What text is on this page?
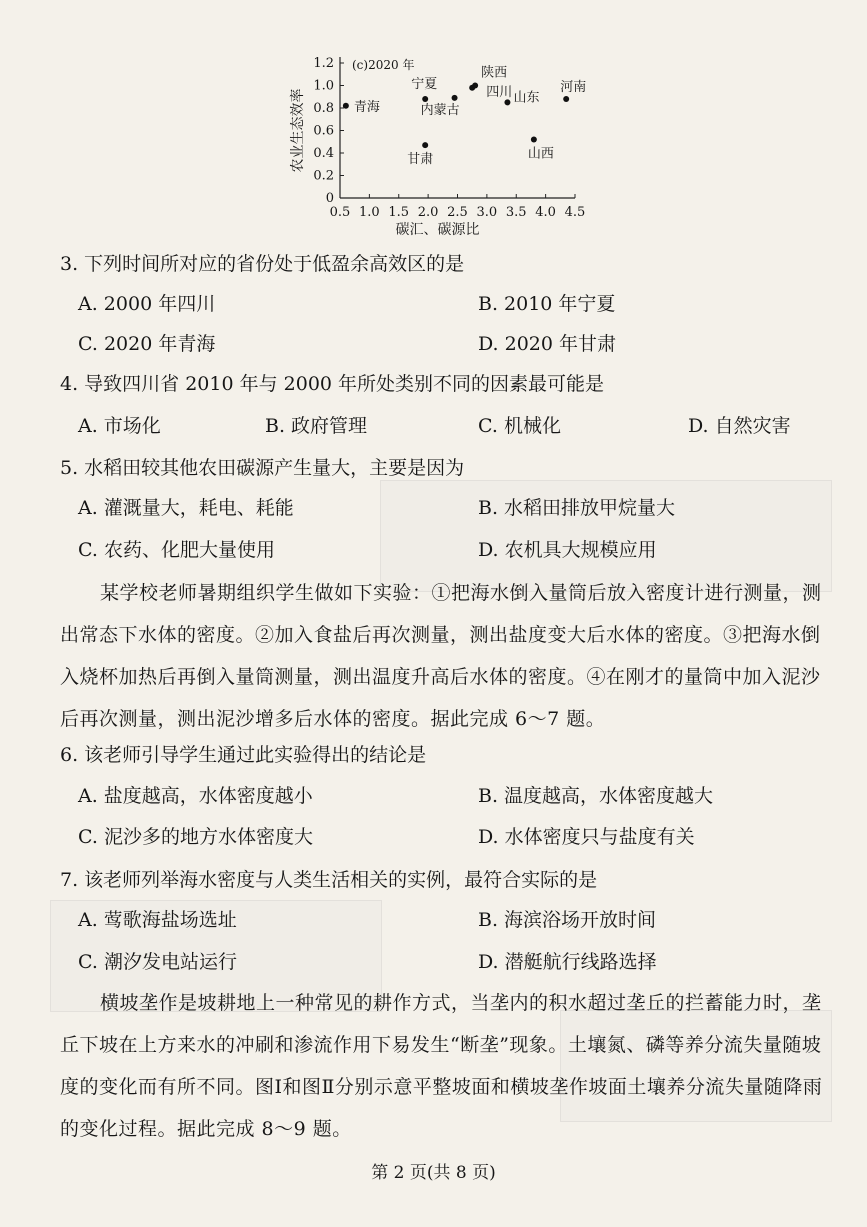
0.5 1.0 1.5 2.0 2.5 3.0 3.5 4.0 4.5
0
0.2
0.4
0.6
0.8
1.0
1.2 (c)2020 年
碳汇、碳源比
农业生态效率	青海
宁夏
内蒙古
陕西
四川 山东
河南
甘肃	山西
3. 下列时间所对应的省份处于低盈余高效区的是
A. 2000 年四川	B. 2010 年宁夏
C. 2020 年青海	D. 2020 年甘肃
4. 导致四川省 2010 年与 2000 年所处类别不同的因素最可能是
A. 市场化	B. 政府管理	C. 机械化	D. 自然灾害
5. 水稻田较其他农田碳源产生量大，主要是因为
A. 灌溉量大，耗电、耗能	B. 水稻田排放甲烷量大
C. 农药、化肥大量使用	D. 农机具大规模应用
某学校老师暑期组织学生做如下实验：①把海水倒入量筒后放入密度计进行测量，测出常态下水体的密度。②加入食盐后再次测量，测出盐度变大后水体的密度。③把海水倒入烧杯加热后再倒入量筒测量，测出温度升高后水体的密度。④在刚才的量筒中加入泥沙后再次测量，测出泥沙增多后水体的密度。据此完成 6～7 题。
6. 该老师引导学生通过此实验得出的结论是
A. 盐度越高，水体密度越小	B. 温度越高，水体密度越大
C. 泥沙多的地方水体密度大	D. 水体密度只与盐度有关
7. 该老师列举海水密度与人类生活相关的实例，最符合实际的是
A. 莺歌海盐场选址	B. 海滨浴场开放时间
C. 潮汐发电站运行	D. 潜艇航行线路选择
横坡垄作是坡耕地上一种常见的耕作方式，当垄内的积水超过垄丘的拦蓄能力时，垄丘下坡在上方来水的冲刷和渗流作用下易发生“断垄”现象。土壤氮、磷等养分流失量随坡度的变化而有所不同。图Ⅰ和图Ⅱ分别示意平整坡面和横坡垄作坡面土壤养分流失量随降雨的变化过程。据此完成 8～9 题。
第 2 页(共 8 页)
